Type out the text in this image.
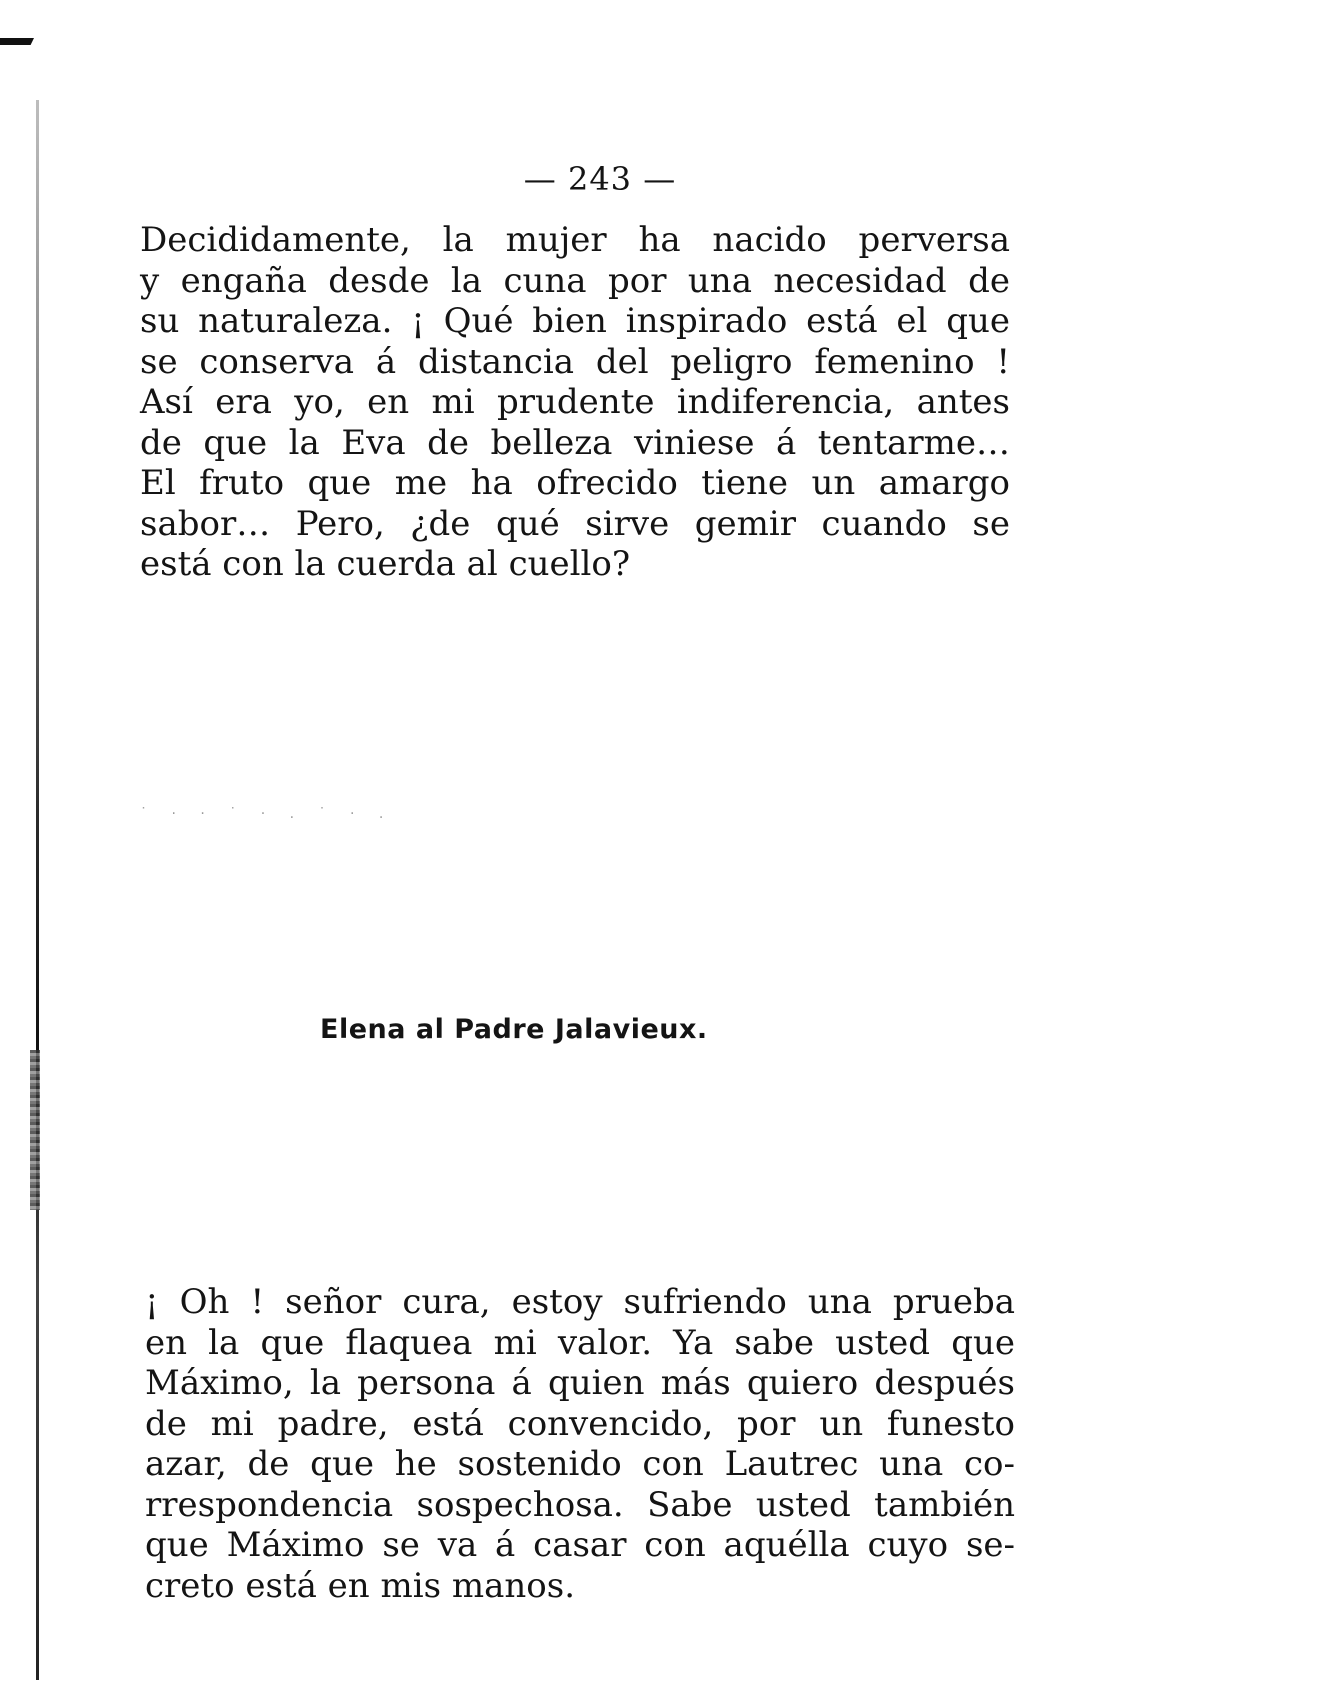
— 243 —
Decididamente, la mujer ha nacido perversa
y engaña desde la cuna por una necesidad de
su naturaleza. ¡ Qué bien inspirado está el que
se conserva á distancia del peligro femenino !
Así era yo, en mi prudente indiferencia, antes
de que la Eva de belleza viniese á tentarme…
El fruto que me ha ofrecido tiene un amargo
sabor… Pero, ¿de qué sirve gemir cuando se
está con la cuerda al cuello?
˙ · · ˙ · . ˙ · .
Elena al Padre Jalavieux.
¡ Oh ! señor cura, estoy sufriendo una prueba
en la que flaquea mi valor. Ya sabe usted que
Máximo, la persona á quien más quiero después
de mi padre, está convencido, por un funesto
azar, de que he sostenido con Lautrec una co-
rrespondencia sospechosa. Sabe usted también
que Máximo se va á casar con aquélla cuyo se-
creto está en mis manos.
